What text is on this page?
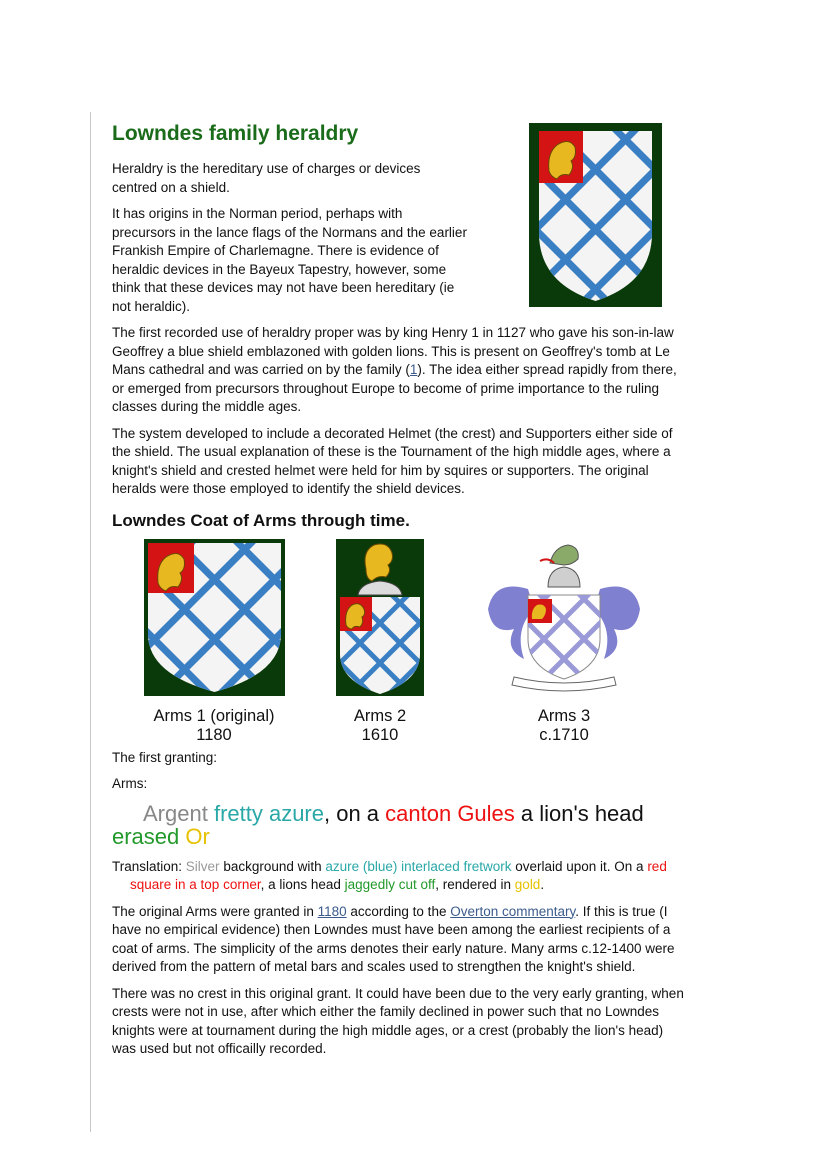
Lowndes family heraldry

Heraldry is the hereditary use of charges or devices centred on a shield.

It has origins in the Norman period, perhaps with precursors in the lance flags of the Normans and the earlier Frankish Empire of Charlemagne. There is evidence of heraldic devices in the Bayeux Tapestry, however, some think that these devices may not have been hereditary (ie not heraldic).

The first recorded use of heraldry proper was by king Henry 1 in 1127 who gave his son-in-law Geoffrey a blue shield emblazoned with golden lions. This is present on Geoffrey's tomb at Le Mans cathedral and was carried on by the family (1). The idea either spread rapidly from there, or emerged from precursors throughout Europe to become of prime importance to the ruling classes during the middle ages.

The system developed to include a decorated Helmet (the crest) and Supporters either side of the shield. The usual explanation of these is the Tournament of the high middle ages, where a knight's shield and crested helmet were held for him by squires or supporters. The original heralds were those employed to identify the shield devices.

Lowndes Coat of Arms through time.
Arms 1 (original)
1180
Arms 2
1610
Arms 3
c.1710

The first granting:

Arms:

Argent fretty azure, on a canton Gules a lion's head erased Or

Translation: Silver background with azure (blue) interlaced fretwork overlaid upon it. On a red square in a top corner, a lions head jaggedly cut off, rendered in gold.

The original Arms were granted in 1180 according to the Overton commentary. If this is true (I have no empirical evidence) then Lowndes must have been among the earliest recipients of a coat of arms. The simplicity of the arms denotes their early nature. Many arms c.12-1400 were derived from the pattern of metal bars and scales used to strengthen the knight's shield.

There was no crest in this original grant. It could have been due to the very early granting, when crests were not in use, after which either the family declined in power such that no Lowndes knights were at tournament during the high middle ages, or a crest (probably the lion's head) was used but not officailly recorded.
